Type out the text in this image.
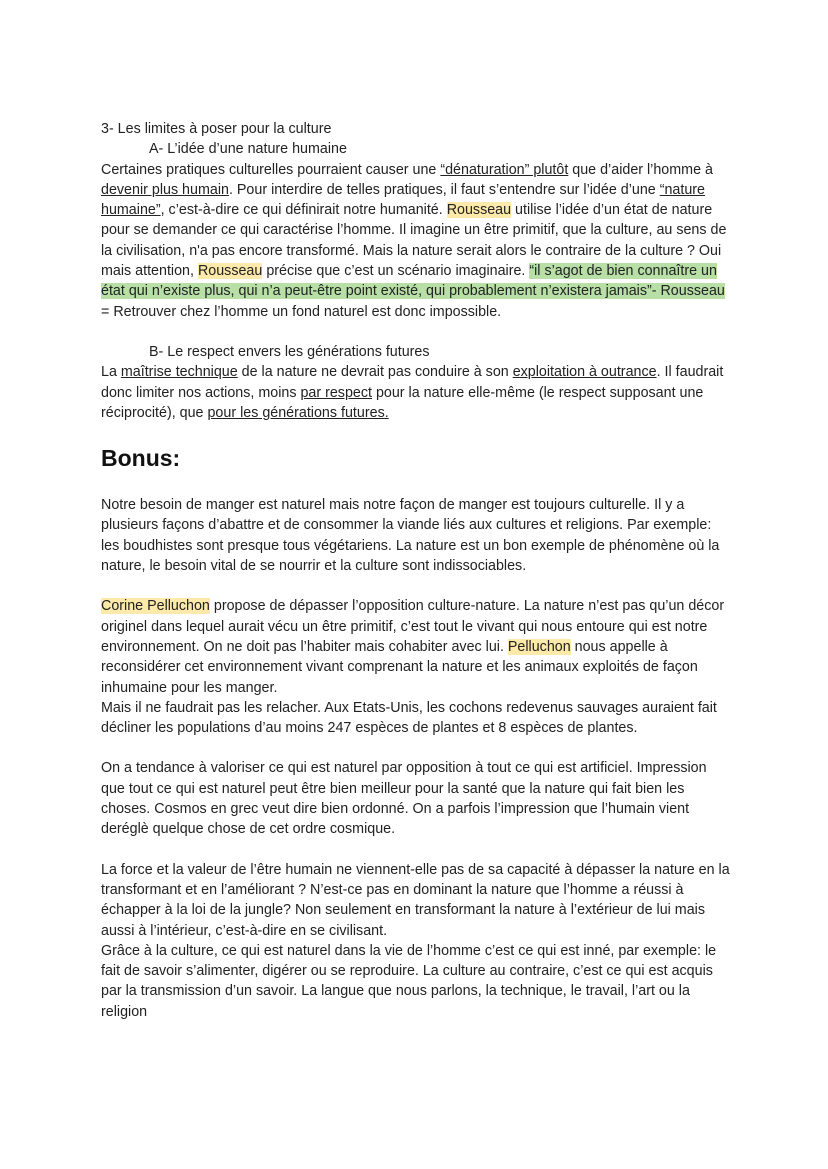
3- Les limites à poser pour la culture

A- L’idée d’une nature humaine

Certaines pratiques culturelles pourraient causer une “dénaturation” plutôt que d’aider l’homme à devenir plus humain. Pour interdire de telles pratiques, il faut s’entendre sur l’idée d’une “nature humaine”, c’est-à-dire ce qui définirait notre humanité. Rousseau utilise l’idée d’un état de nature pour se demander ce qui caractérise l’homme. Il imagine un être primitif, que la culture, au sens de la civilisation, n'a pas encore transformé. Mais la nature serait alors le contraire de la culture ? Oui mais attention, Rousseau précise que c’est un scénario imaginaire. “il s’agot de bien connaître un état qui n’existe plus, qui n’a peut-être point existé, qui probablement n’existera jamais”- Rousseau = Retrouver chez l’homme un fond naturel est donc impossible.

B- Le respect envers les générations futures

La maîtrise technique de la nature ne devrait pas conduire à son exploitation à outrance. Il faudrait donc limiter nos actions, moins par respect pour la nature elle-même (le respect supposant une réciprocité), que pour les générations futures.

Bonus:

Notre besoin de manger est naturel mais notre façon de manger est toujours culturelle. Il y a plusieurs façons d’abattre et de consommer la viande liés aux cultures et religions. Par exemple: les boudhistes sont presque tous végétariens. La nature est un bon exemple de phénomène où la nature, le besoin vital de se nourrir et la culture sont indissociables.

Corine Pelluchon propose de dépasser l’opposition culture-nature. La nature n’est pas qu’un décor originel dans lequel aurait vécu un être primitif, c’est tout le vivant qui nous entoure qui est notre environnement. On ne doit pas l’habiter mais cohabiter avec lui. Pelluchon nous appelle à reconsidérer cet environnement vivant comprenant la nature et les animaux exploités de façon inhumaine pour les manger.

Mais il ne faudrait pas les relacher. Aux Etats-Unis, les cochons redevenus sauvages auraient fait décliner les populations d’au moins 247 espèces de plantes et 8 espèces de plantes.

On a tendance à valoriser ce qui est naturel par opposition à tout ce qui est artificiel. Impression que tout ce qui est naturel peut être bien meilleur pour la santé que la nature qui fait bien les choses. Cosmos en grec veut dire bien ordonné. On a parfois l’impression que l’humain vient deréglè quelque chose de cet ordre cosmique.

La force et la valeur de l’être humain ne viennent-elle pas de sa capacité à dépasser la nature en la transformant et en l’améliorant ? N’est-ce pas en dominant la nature que l’homme a réussi à échapper à la loi de la jungle? Non seulement en transformant la nature à l’extérieur de lui mais aussi à l’intérieur, c’est-à-dire en se civilisant.

Grâce à la culture, ce qui est naturel dans la vie de l’homme c’est ce qui est inné, par exemple: le fait de savoir s’alimenter, digérer ou se reproduire. La culture au contraire, c’est ce qui est acquis par la transmission d’un savoir. La langue que nous parlons, la technique, le travail, l’art ou la religion
